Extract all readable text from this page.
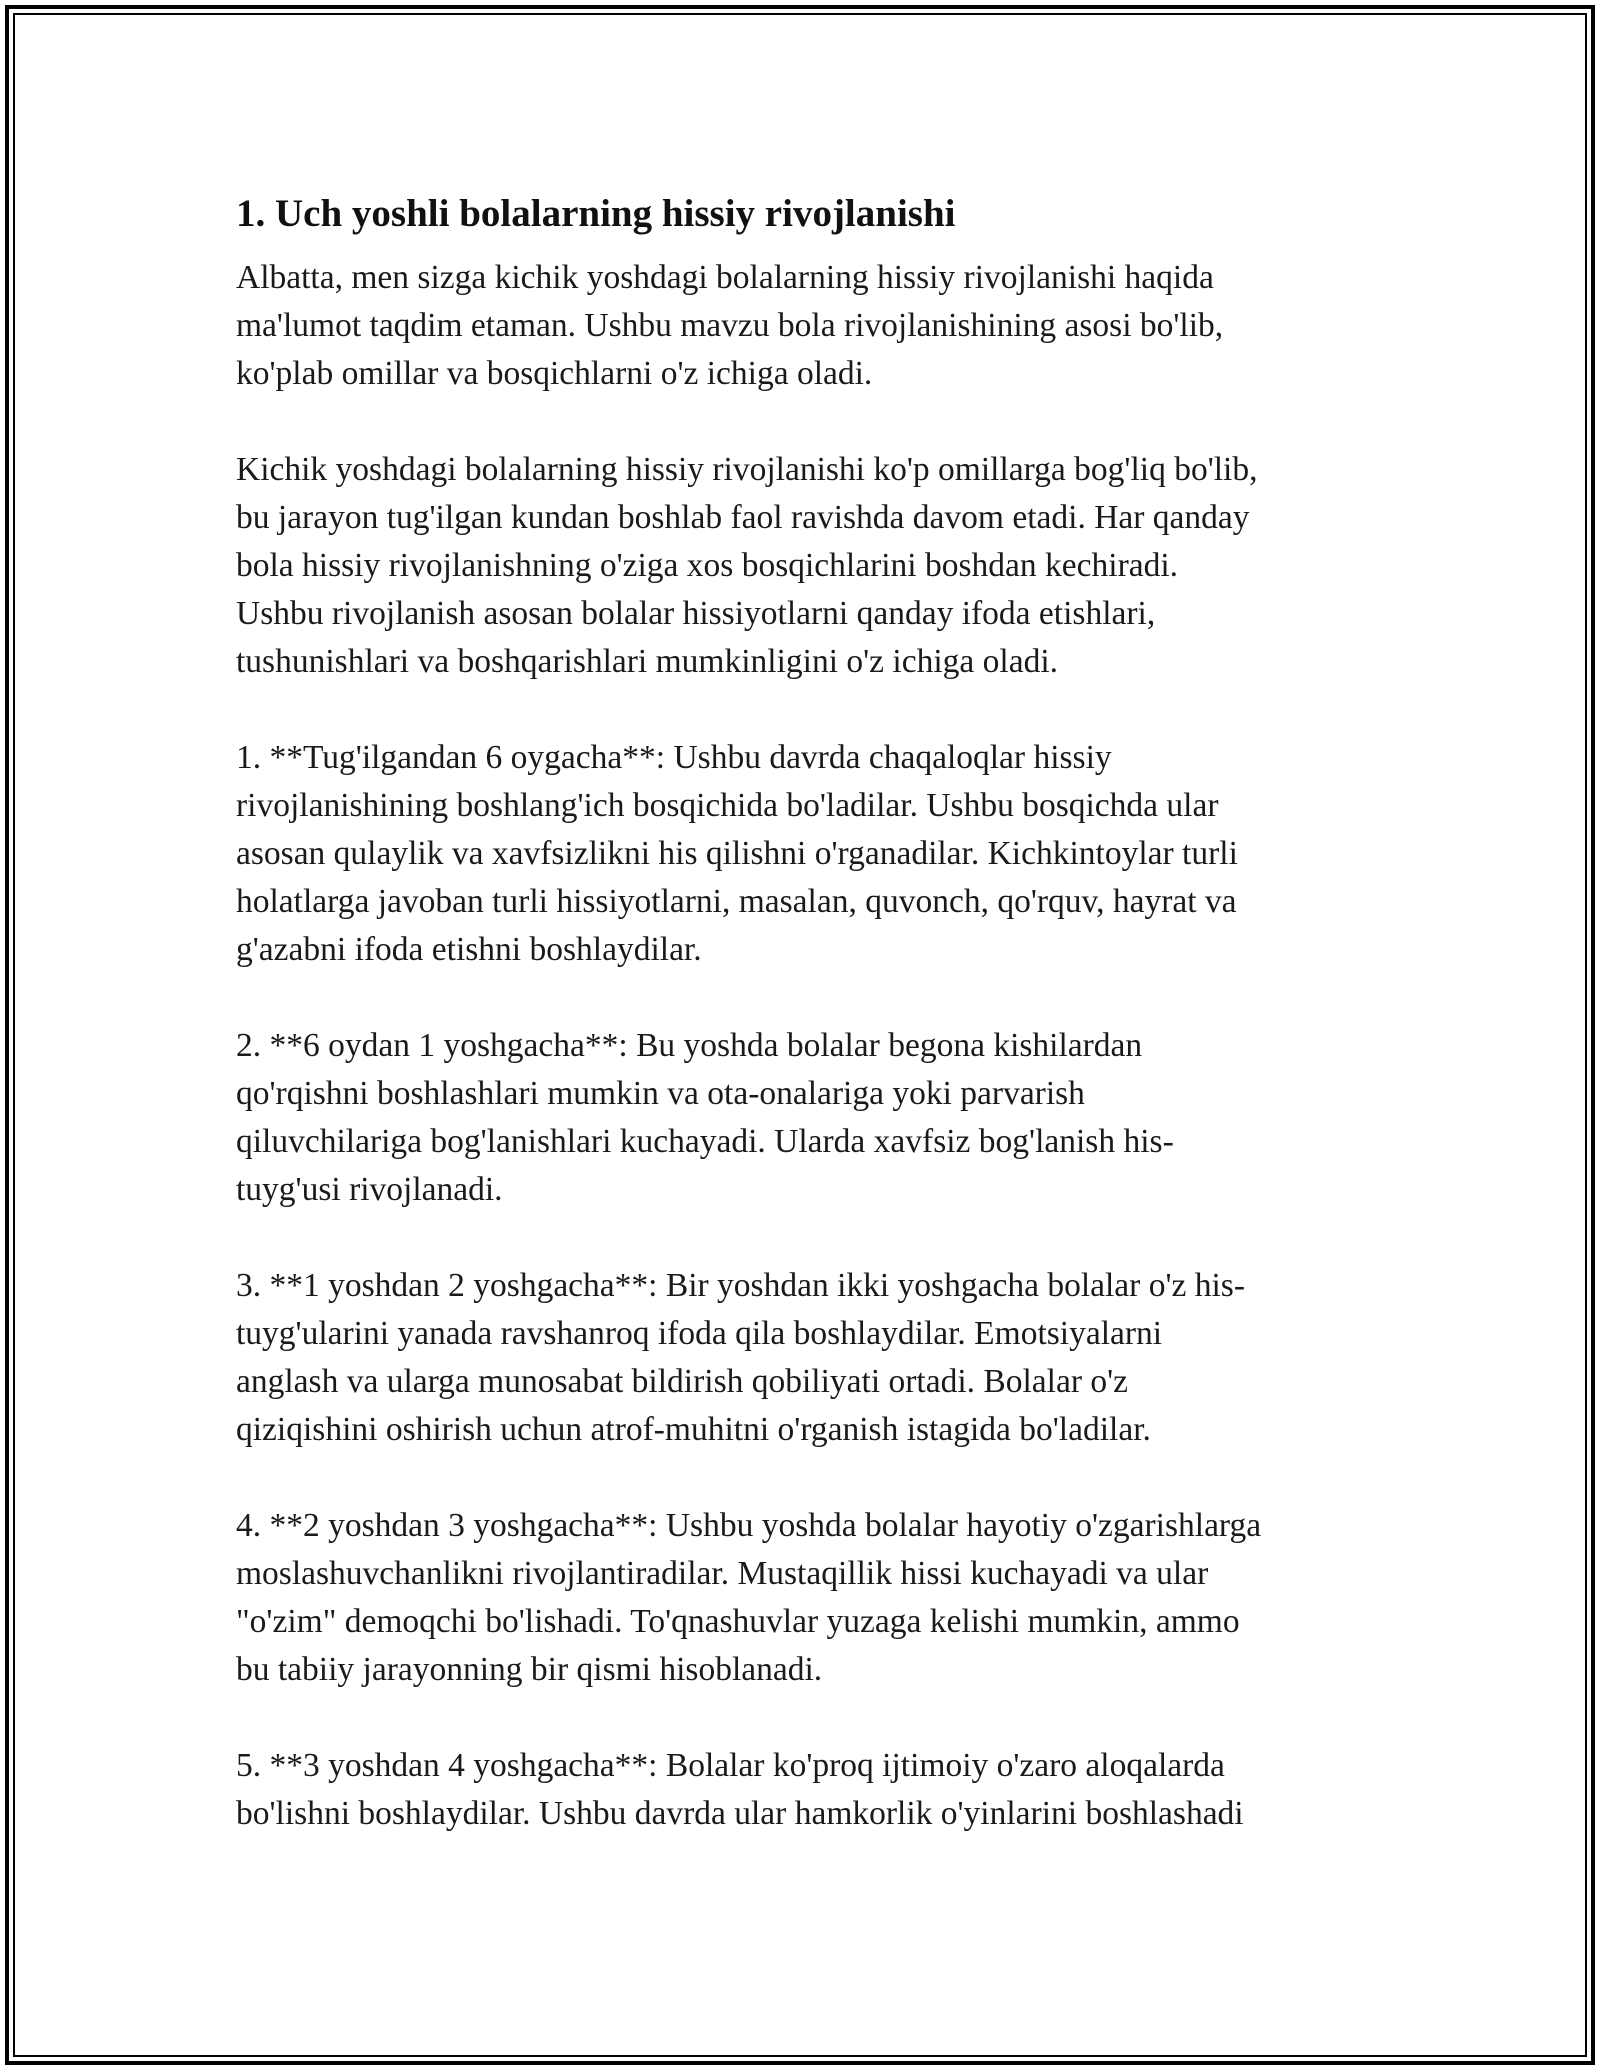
1. Uch yoshli bolalarning hissiy rivojlanishi

Albatta, men sizga kichik yoshdagi bolalarning hissiy rivojlanishi haqida
ma'lumot taqdim etaman. Ushbu mavzu bola rivojlanishining asosi bo'lib,
ko'plab omillar va bosqichlarni o'z ichiga oladi.

Kichik yoshdagi bolalarning hissiy rivojlanishi ko'p omillarga bog'liq bo'lib,
bu jarayon tug'ilgan kundan boshlab faol ravishda davom etadi. Har qanday
bola hissiy rivojlanishning o'ziga xos bosqichlarini boshdan kechiradi.
Ushbu rivojlanish asosan bolalar hissiyotlarni qanday ifoda etishlari,
tushunishlari va boshqarishlari mumkinligini o'z ichiga oladi.

1. **Tug'ilgandan 6 oygacha**: Ushbu davrda chaqaloqlar hissiy
rivojlanishining boshlang'ich bosqichida bo'ladilar. Ushbu bosqichda ular
asosan qulaylik va xavfsizlikni his qilishni o'rganadilar. Kichkintoylar turli
holatlarga javoban turli hissiyotlarni, masalan, quvonch, qo'rquv, hayrat va
g'azabni ifoda etishni boshlaydilar.

2. **6 oydan 1 yoshgacha**: Bu yoshda bolalar begona kishilardan
qo'rqishni boshlashlari mumkin va ota-onalariga yoki parvarish
qiluvchilariga bog'lanishlari kuchayadi. Ularda xavfsiz bog'lanish his-
tuyg'usi rivojlanadi.

3. **1 yoshdan 2 yoshgacha**: Bir yoshdan ikki yoshgacha bolalar o'z his-
tuyg'ularini yanada ravshanroq ifoda qila boshlaydilar. Emotsiyalarni
anglash va ularga munosabat bildirish qobiliyati ortadi. Bolalar o'z
qiziqishini oshirish uchun atrof-muhitni o'rganish istagida bo'ladilar.

4. **2 yoshdan 3 yoshgacha**: Ushbu yoshda bolalar hayotiy o'zgarishlarga
moslashuvchanlikni rivojlantiradilar. Mustaqillik hissi kuchayadi va ular
"o'zim" demoqchi bo'lishadi. To'qnashuvlar yuzaga kelishi mumkin, ammo
bu tabiiy jarayonning bir qismi hisoblanadi.

5. **3 yoshdan 4 yoshgacha**: Bolalar ko'proq ijtimoiy o'zaro aloqalarda
bo'lishni boshlaydilar. Ushbu davrda ular hamkorlik o'yinlarini boshlashadi
